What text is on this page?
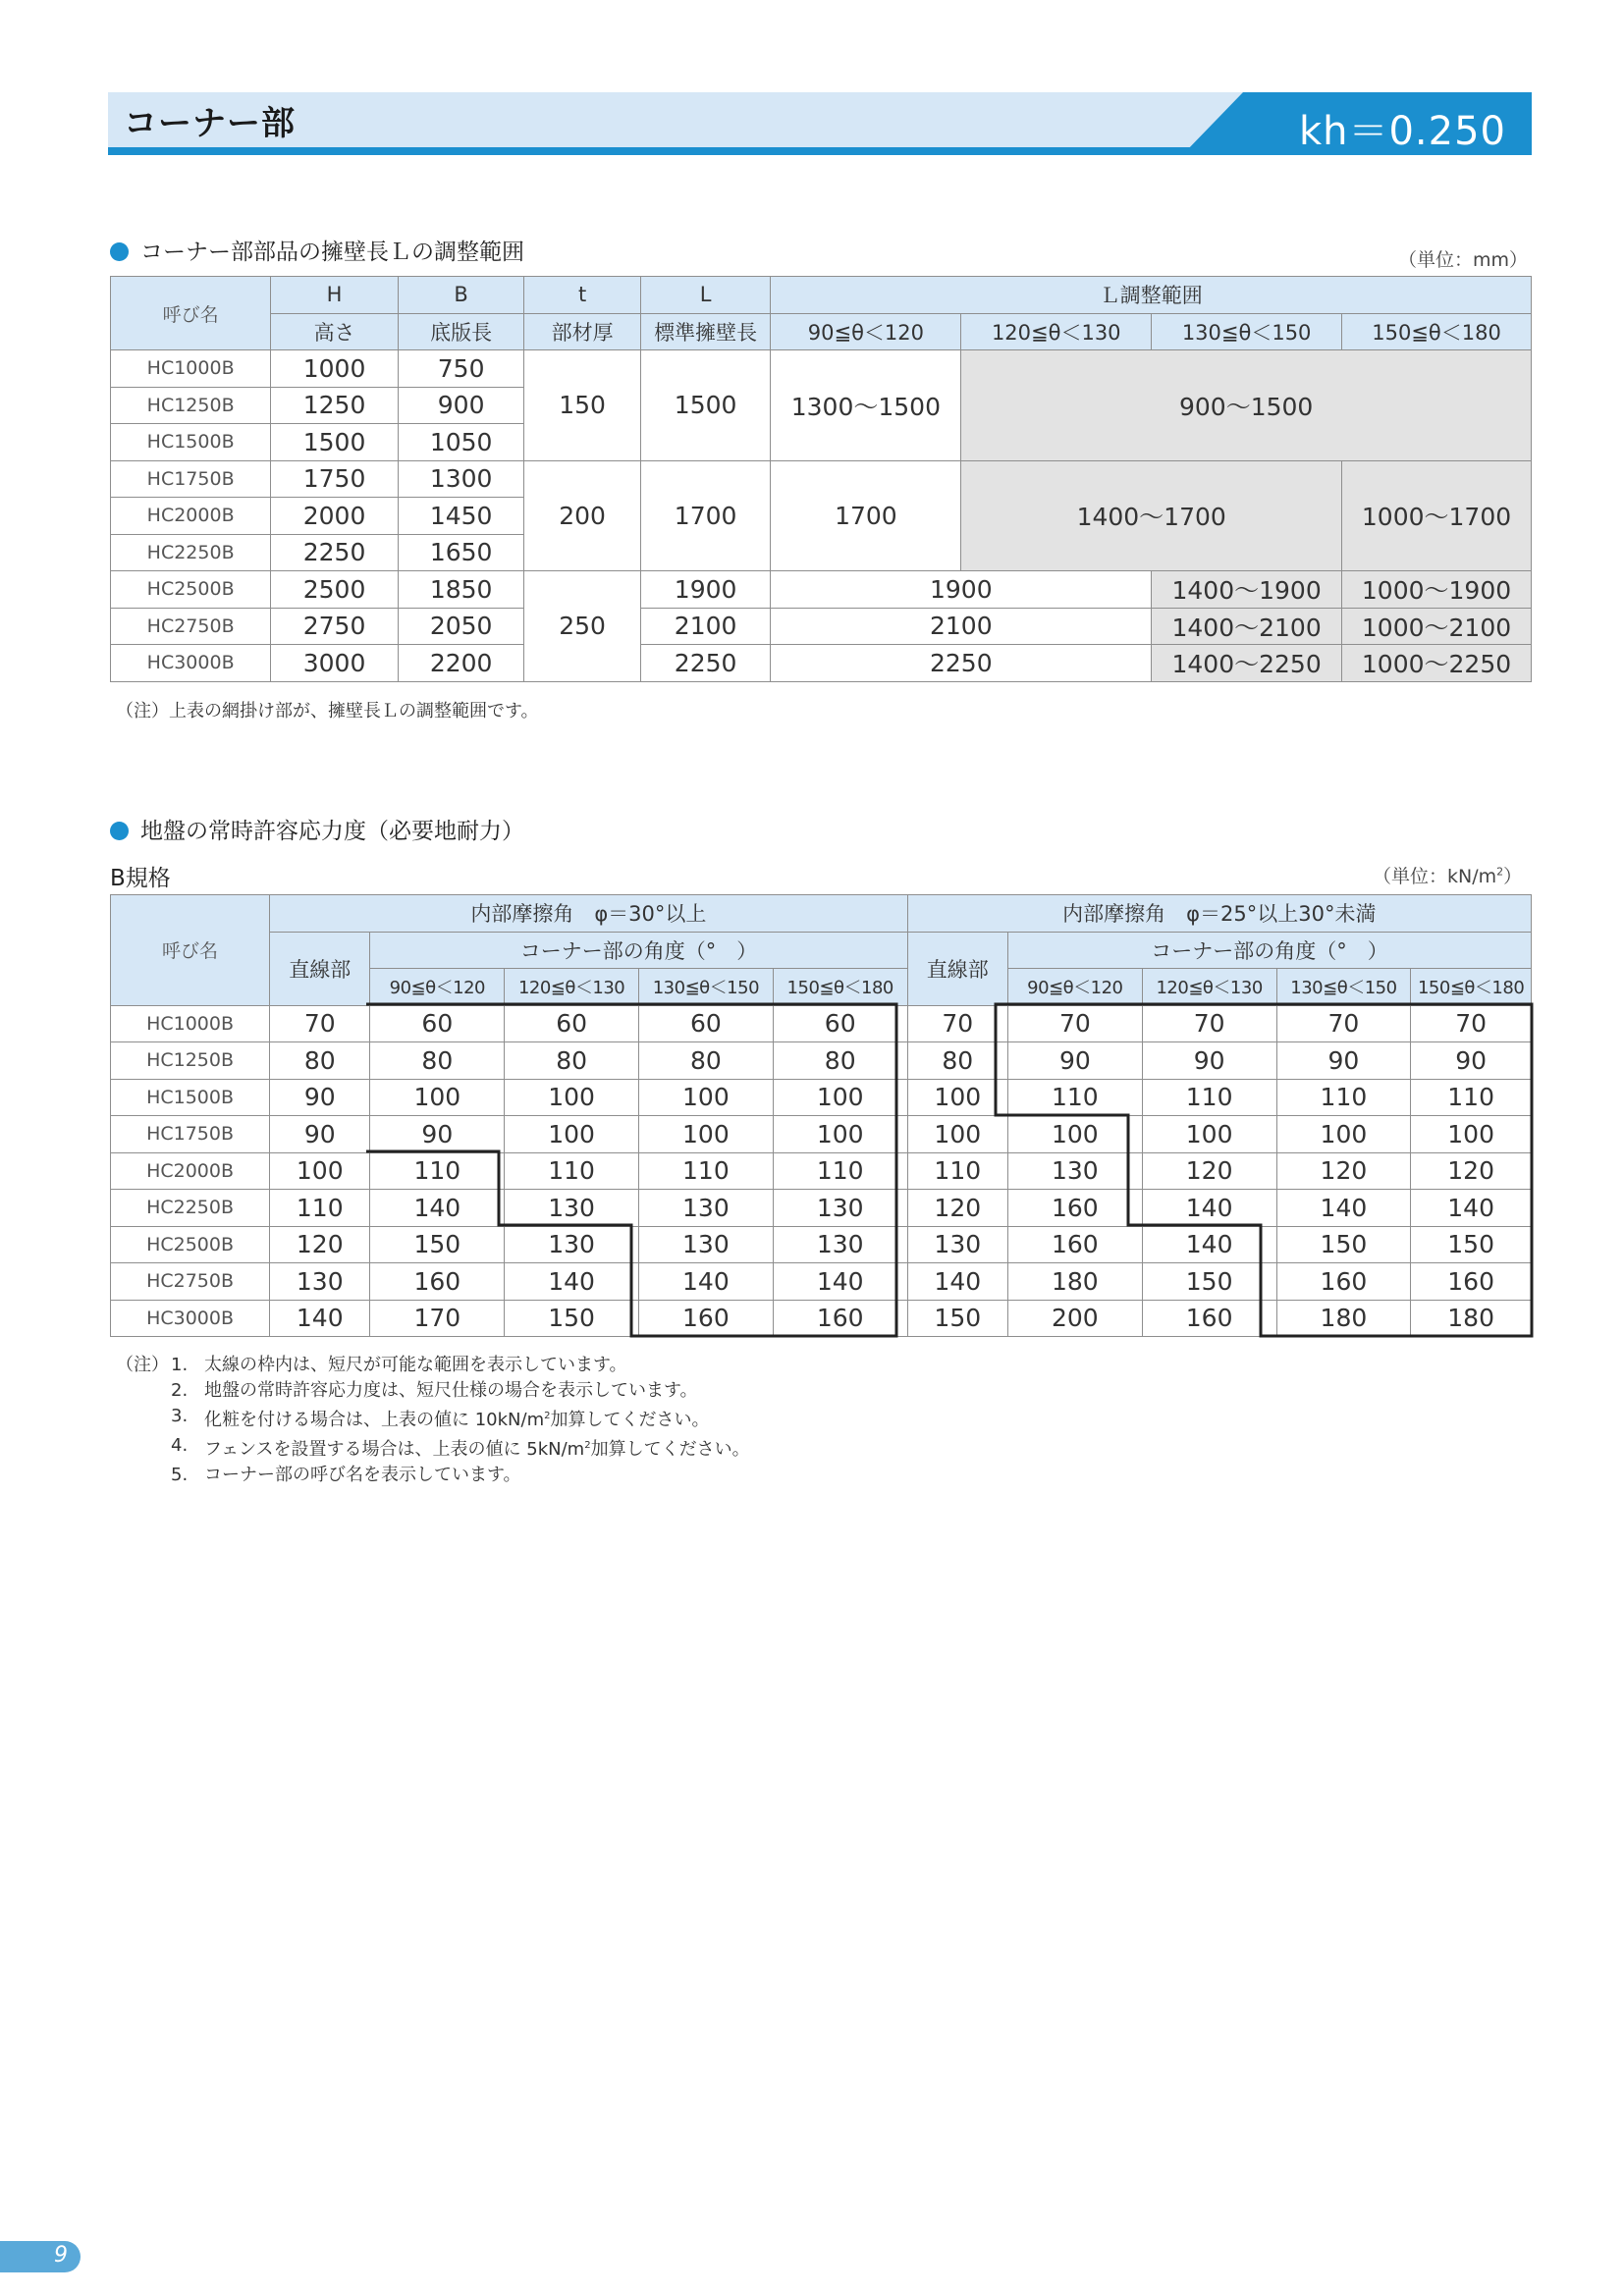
コーナー部	kh＝0.250
コーナー部部品の擁壁長Ｌの調整範囲	（単位：mm）
呼び名	H	B	t	L	Ｌ調整範囲			
	高さ	底版長	部材厚	標準擁壁長	90≦θ＜120	120≦θ＜130	130≦θ＜150	150≦θ＜180
HC1000B	1000	750	150	1500	1300～1500	900～1500		
HC1250B	1250	900						
HC1500B	1500	1050						
HC1750B	1750	1300	200	1700	1700	1400～1700		1000～1700
HC2000B	2000	1450						
HC2250B	2250	1650						
HC2500B	2500	1850	250	1900	1900		1400～1900	1000～1900
HC2750B	2750	2050		2100	2100		1400～2100	1000～2100
HC3000B	3000	2200		2250	2250		1400～2250	1000～2250
（注）上表の網掛け部が、擁壁長Ｌの調整範囲です。
地盤の常時許容応力度（必要地耐力）
B規格	（単位：$kN/m^2$）
呼び名	内部摩擦角　φ＝30°以上					内部摩擦角　φ＝25°以上30°未満				
	直線部	コーナー部の角度（°　）				直線部	コーナー部の角度（°　）			
		90≦θ＜120	120≦θ＜130	130≦θ＜150	150≦θ＜180		90≦θ＜120	120≦θ＜130	130≦θ＜150	150≦θ＜180
HC1000B	70	60	60	60	60	70	70	70	70	70
HC1250B	80	80	80	80	80	80	90	90	90	90
HC1500B	90	100	100	100	100	100	110	110	110	110
HC1750B	90	90	100	100	100	100	100	100	100	100
HC2000B	100	110	110	110	110	110	130	120	120	120
HC2250B	110	140	130	130	130	120	160	140	140	140
HC2500B	120	150	130	130	130	130	160	140	150	150
HC2750B	130	160	140	140	140	140	180	150	160	160
HC3000B	140	170	150	160	160	150	200	160	180	180
（注） 1. 太線の枠内は、短尺が可能な範囲を表示しています。
2. 地盤の常時許容応力度は、短尺仕様の場合を表示しています。
3. 化粧を付ける場合は、上表の値に $10kN/m^2$加算してください。
4. フェンスを設置する場合は、上表の値に $5kN/m^2$加算してください。
5. コーナー部の呼び名を表示しています。
9
